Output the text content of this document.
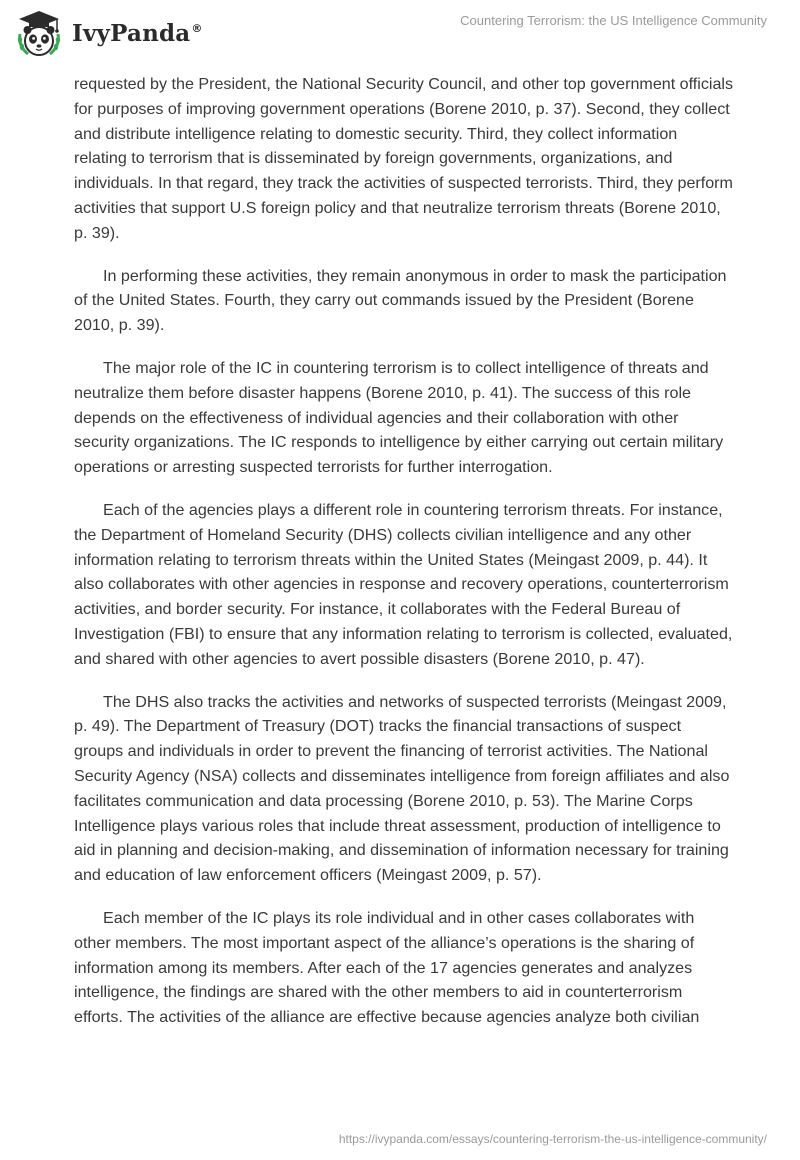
IvyPanda®
Countering Terrorism: the US Intelligence Community

requested by the President, the National Security Council, and other top government officials for purposes of improving government operations (Borene 2010, p. 37). Second, they collect and distribute intelligence relating to domestic security. Third, they collect information relating to terrorism that is disseminated by foreign governments, organizations, and individuals. In that regard, they track the activities of suspected terrorists. Third, they perform activities that support U.S foreign policy and that neutralize terrorism threats (Borene 2010, p. 39).

In performing these activities, they remain anonymous in order to mask the participation of the United States. Fourth, they carry out commands issued by the President (Borene 2010, p. 39).

The major role of the IC in countering terrorism is to collect intelligence of threats and neutralize them before disaster happens (Borene 2010, p. 41). The success of this role depends on the effectiveness of individual agencies and their collaboration with other security organizations. The IC responds to intelligence by either carrying out certain military operations or arresting suspected terrorists for further interrogation.

Each of the agencies plays a different role in countering terrorism threats. For instance, the Department of Homeland Security (DHS) collects civilian intelligence and any other information relating to terrorism threats within the United States (Meingast 2009, p. 44). It also collaborates with other agencies in response and recovery operations, counterterrorism activities, and border security. For instance, it collaborates with the Federal Bureau of Investigation (FBI) to ensure that any information relating to terrorism is collected, evaluated, and shared with other agencies to avert possible disasters (Borene 2010, p. 47).

The DHS also tracks the activities and networks of suspected terrorists (Meingast 2009, p. 49). The Department of Treasury (DOT) tracks the financial transactions of suspect groups and individuals in order to prevent the financing of terrorist activities. The National Security Agency (NSA) collects and disseminates intelligence from foreign affiliates and also facilitates communication and data processing (Borene 2010, p. 53). The Marine Corps Intelligence plays various roles that include threat assessment, production of intelligence to aid in planning and decision-making, and dissemination of information necessary for training and education of law enforcement officers (Meingast 2009, p. 57).

Each member of the IC plays its role individual and in other cases collaborates with other members. The most important aspect of the alliance’s operations is the sharing of information among its members. After each of the 17 agencies generates and analyzes intelligence, the findings are shared with the other members to aid in counterterrorism efforts. The activities of the alliance are effective because agencies analyze both civilian

https://ivypanda.com/essays/countering-terrorism-the-us-intelligence-community/
